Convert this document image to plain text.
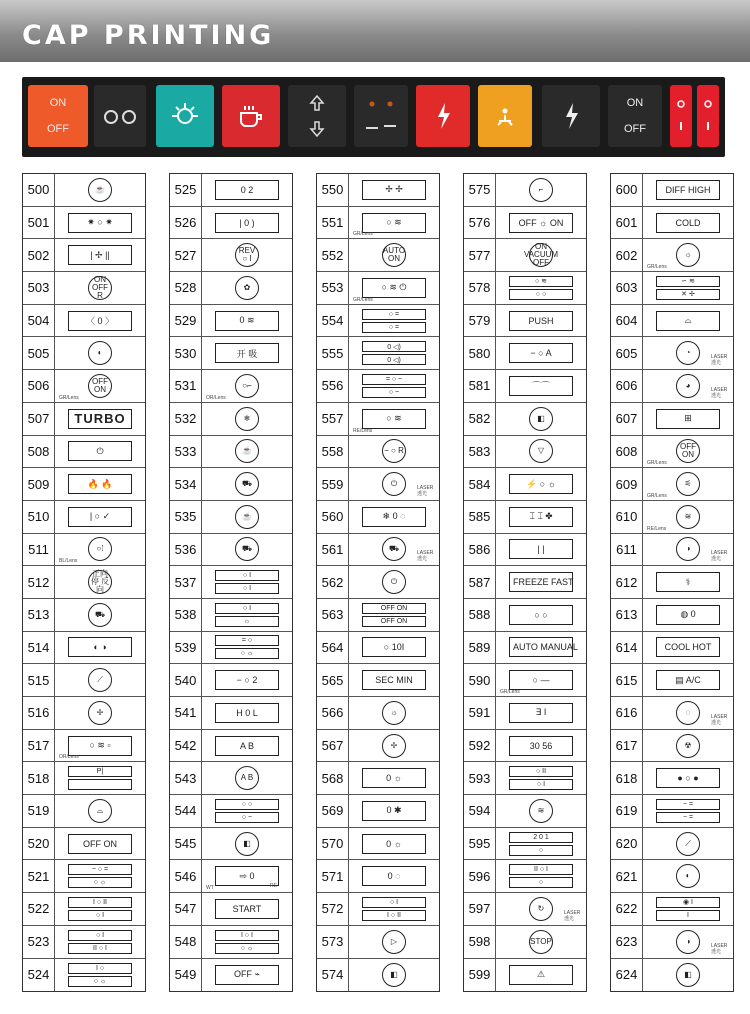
CAP PRINTING
ON
OFF
ON
OFF
500	☕
501	✷ ○ ✷
502	| ✢ ||
503
ON OFF R
504	〈 0 〉
505	◐
506	OFF ON
GR/Lens
507	TURBO
508	⏻
509	🔥 🔥
510	| ○ ✓
511	○⁞
BL/Lens
512
正向 停 反向
513	⛟
514	◐ ◑
515	⟋
516	✢
517	○ ≋ ▫
OR/Lens
518	P|
519	⌓
520	OFF ON
521	− ○ =
○ ☼
522	I ○ II
○ I
523	○ I
II ○ I
524	I ○
○ ☼
525	0 2
526	| 0 )
527	REV ○ I
528	✿
529	0 ≋
530	开 吸
531	○⌐
OR/Lens
532	❄
533	☕
534	⛟
535	☕
536	⛟
537	○ I
○ I
538	○ I
☼
539	= ○
○ ☼
540	− ○ 2
541	H 0 L
542	A B
543	A B
544	○ ○
○ −
545	◧
546	⇨ 0
WT	RE
547	START
548	I ○ I
○ ☼
549	OFF ⌁
550	✢ ✢
551	○ ≋
GR/Lens
552	AUTO ON
553	○ ≋ ⏻
GR/Lens
554	○ =
○ =
555	0 ◁)
0 ◁)
556	= ○ −
○ −
557	○ ≋
RE/Lens
558	− ○ R
559	⏻	LASER 透光
560	❄ 0 ◌
561	⛟	LASER 透光
562	⏻
563	OFF ON
OFF ON
564	○ 10I
565	SEC MIN
566	☼
567	✢
568	0 ☼
569	0 ✱
570	0 ☼
571	0 ◌
572	○ I
I ○ II
573	▷
574	◧
575	⌐
576	OFF ☼ ON
577
ON VACUUM OFF
578	○ ≋
○ ○
579	PUSH
580	− ○ A
581	⌒⌒
582	◧
583	▽
584	⚡ ○ ☼
585	⌶ ⌶ ✤
586	| |
587	FREEZE FAST
588	○ ○
589	AUTO MANUAL
590	○ —
GR/Lens
591	∃ I
592	30 56
593	○ II
○ I
594	≋
595	2 0 1
○
596	II ○ I
○
597	↻	LASER 透光
598	STOP
599	⚠
600	DIFF HIGH
601	COLD
602	☼
GR/Lens
603	∽ ≋
✕ ✢
604	⌓
605	◔	LASER 透光
606	◕	LASER 透光
607	⊞
608	OFF ON
GR/Lens
609	⚟
GR/Lens
610	≋
RE/Lens
611	◑	LASER 透光
612	⚕
613	◍ 0
614	COOL HOT
615	▤ A/C
616	◌	LASER 透光
617	☢
618	● ○ ●
619	− =
− =
620	⟋
621	◐
622	◉ I
I
623	◑	LASER 透光
624	◧
